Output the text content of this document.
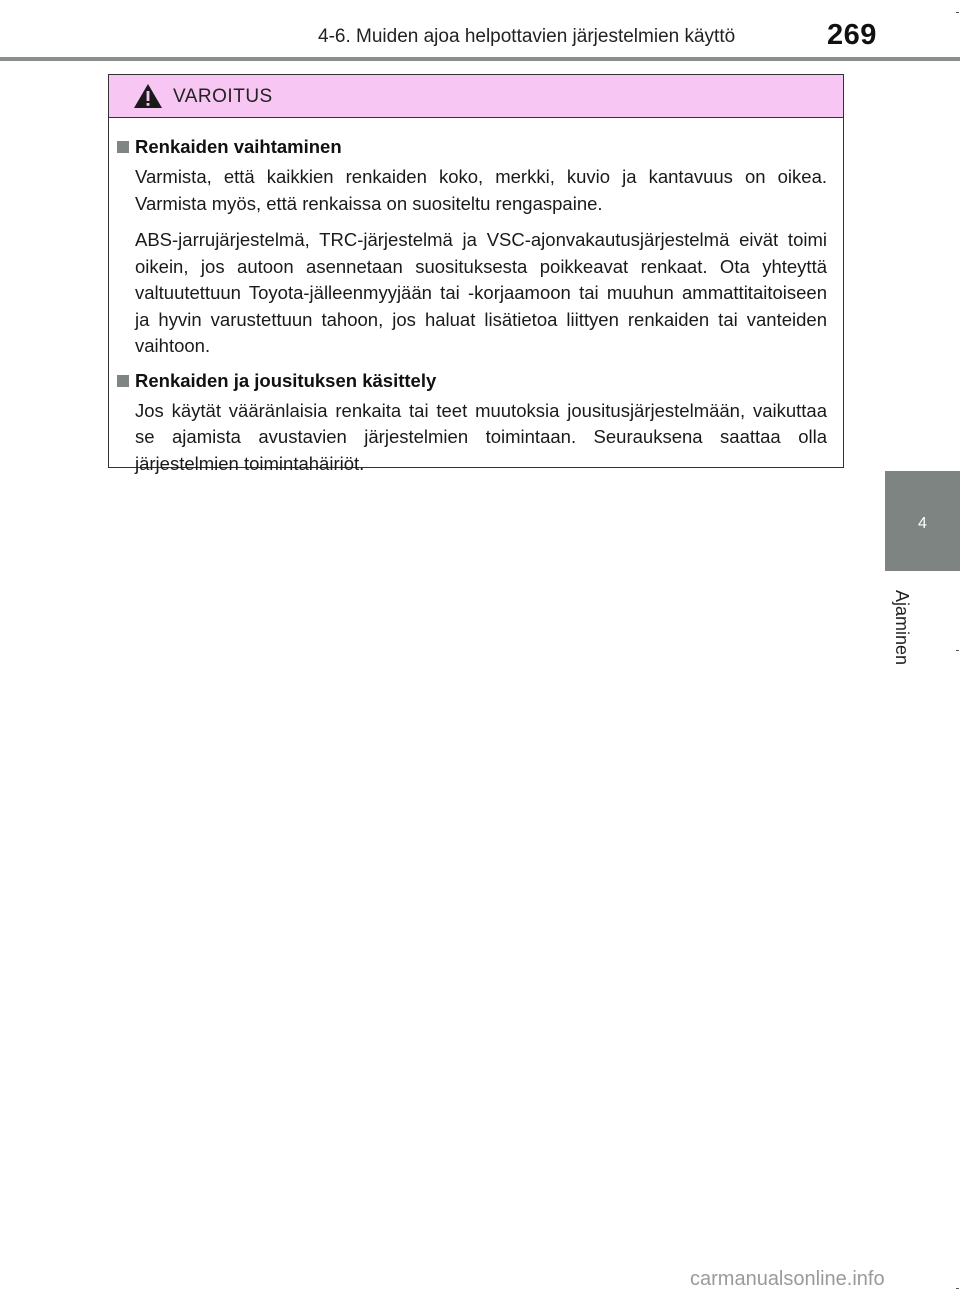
4-6. Muiden ajoa helpottavien järjestelmien käyttö	269
VAROITUS
Renkaiden vaihtaminen

Varmista, että kaikkien renkaiden koko, merkki, kuvio ja kantavuus on oikea. Varmista myös, että renkaissa on suositeltu rengaspaine.

ABS-jarrujärjestelmä, TRC-järjestelmä ja VSC-ajonvakautusjärjestelmä eivät toimi oikein, jos autoon asennetaan suosituksesta poikkeavat renkaat. Ota yhteyttä valtuutettuun Toyota-jälleenmyyjään tai -korjaamoon tai muuhun ammattitaitoiseen ja hyvin varustettuun tahoon, jos haluat lisätietoa liittyen renkaiden tai vanteiden vaihtoon.

Renkaiden ja jousituksen käsittely

Jos käytät vääränlaisia renkaita tai teet muutoksia jousitusjärjestelmään, vaikuttaa se ajamista avustavien järjestelmien toimintaan. Seurauksena saattaa olla järjestelmien toimintahäiriöt.

4
Ajaminen
carmanualsonline.info
